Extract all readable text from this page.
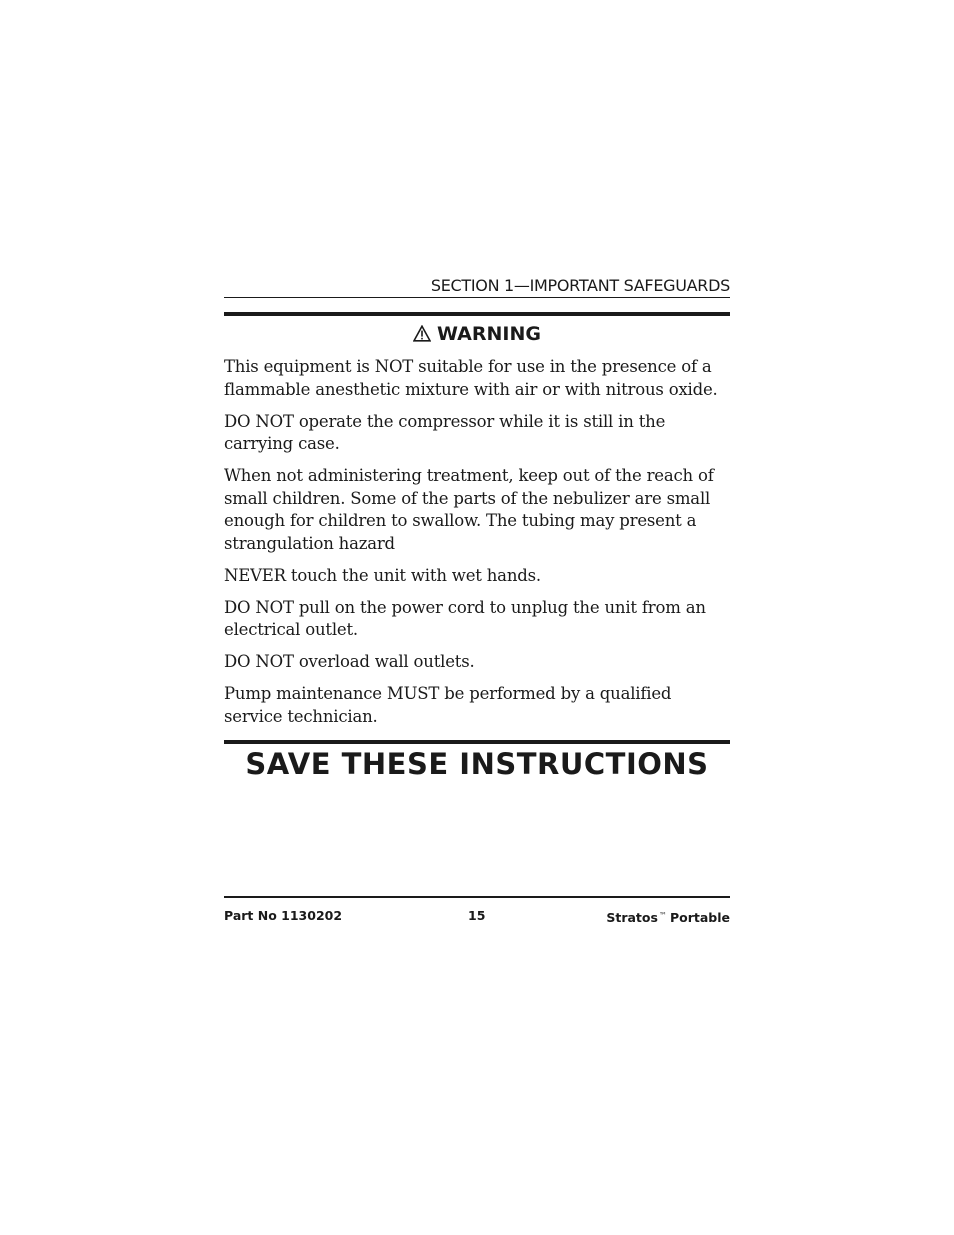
SECTION 1—IMPORTANT SAFEGUARDS
WARNING

This equipment is NOT suitable for use in the presence of a flammable anesthetic mixture with air or with nitrous oxide.

DO NOT operate the compressor while it is still in the carrying case.

When not administering treatment, keep out of the reach of small children. Some of the parts of the nebulizer are small enough for children to swallow. The tubing may present a strangulation hazard

NEVER touch the unit with wet hands.

DO NOT pull on the power cord to unplug the unit from an electrical outlet.

DO NOT overload wall outlets.

Pump maintenance MUST be performed by a qualified service technician.

SAVE THESE INSTRUCTIONS
Part No 1130202	15	Stratos™ Portable
